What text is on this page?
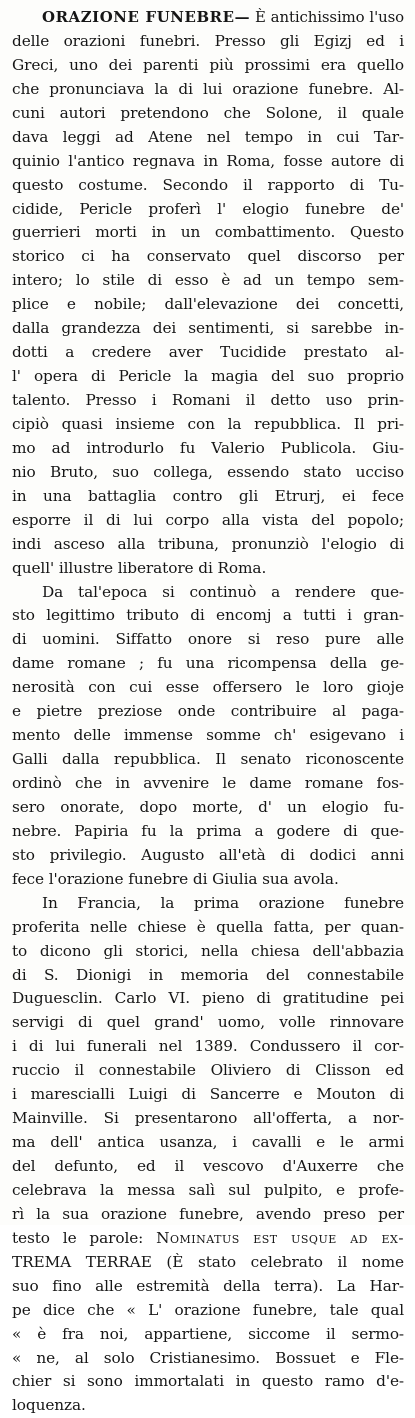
ORAZIONE FUNEBRE— È antichissimo l'uso
delle orazioni funebri. Presso gli Egizj ed i
Greci, uno dei parenti più prossimi era quello
che pronunciava la di lui orazione funebre. Al-
cuni autori pretendono che Solone, il quale
dava leggi ad Atene nel tempo in cui Tar-
quinio l'antico regnava in Roma, fosse autore di
questo costume. Secondo il rapporto di Tu-
cidide, Pericle proferì l' elogio funebre de'
guerrieri morti in un combattimento. Questo
storico ci ha conservato quel discorso per
intero; lo stile di esso è ad un tempo sem-
plice e nobile; dall'elevazione dei concetti,
dalla grandezza dei sentimenti, si sarebbe in-
dotti a credere aver Tucidide prestato al-
l' opera di Pericle la magia del suo proprio
talento. Presso i Romani il detto uso prin-
cipiò quasi insieme con la repubblica. Il pri-
mo ad introdurlo fu Valerio Publicola. Giu-
nio Bruto, suo collega, essendo stato ucciso
in una battaglia contro gli Etrurj, ei fece
esporre il di lui corpo alla vista del popolo;
indi asceso alla tribuna, pronunziò l'elogio di
quell' illustre liberatore di Roma.
Da tal'epoca si continuò a rendere que-
sto legittimo tributo di encomj a tutti i gran-
di uomini. Siffatto onore si reso pure alle
dame romane ; fu una ricompensa della ge-
nerosità con cui esse offersero le loro gioje
e pietre preziose onde contribuire al paga-
mento delle immense somme ch' esigevano i
Galli dalla repubblica. Il senato riconoscente
ordinò che in avvenire le dame romane fos-
sero onorate, dopo morte, d' un elogio fu-
nebre. Papiria fu la prima a godere di que-
sto privilegio. Augusto all'età di dodici anni
fece l'orazione funebre di Giulia sua avola.
In Francia, la prima orazione funebre
proferita nelle chiese è quella fatta, per quan-
to dicono gli storici, nella chiesa dell'abbazia
di S. Dionigi in memoria del connestabile
Duguesclin. Carlo VI. pieno di gratitudine pei
servigi di quel grand' uomo, volle rinnovare
i di lui funerali nel 1389. Condussero il cor-
ruccio il connestabile Oliviero di Clisson ed
i marescialli Luigi di Sancerre e Mouton di
Mainville. Si presentarono all'offerta, a nor-
ma dell' antica usanza, i cavalli e le armi
del defunto, ed il vescovo d'Auxerre che
celebrava la messa salì sul pulpito, e profe-
rì la sua orazione funebre, avendo preso per
testo le parole: Nominatus est usque ad ex-
TREMA TERRAE (È stato celebrato il nome
suo fino alle estremità della terra). La Har-
pe dice che « L' orazione funebre, tale qual
« è fra noi, appartiene, siccome il sermo-
« ne, al solo Cristianesimo. Bossuet e Fle-
chier si sono immortalati in questo ramo d'e-
loquenza.
